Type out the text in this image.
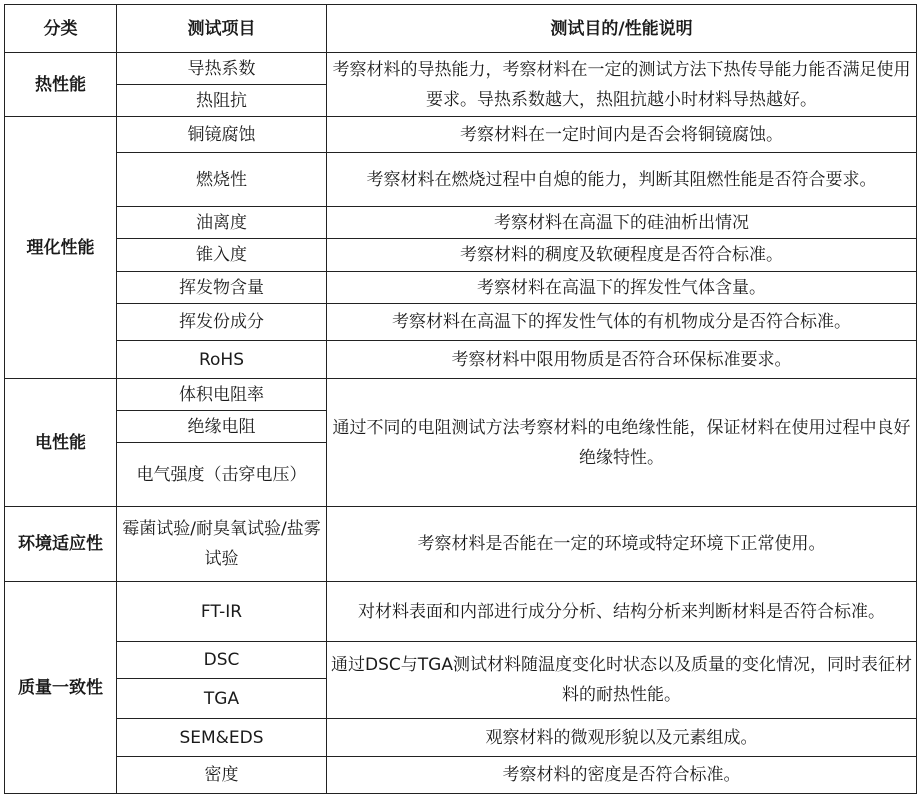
分类	测试项目	测试目的/性能说明
热性能	导热系数	考察材料的导热能力，考察材料在一定的测试方法下热传导能力能否满足使用要求。导热系数越大，热阻抗越小时材料导热越好。
	热阻抗	
理化性能	铜镜腐蚀	考察材料在一定时间内是否会将铜镜腐蚀。
	燃烧性	考察材料在燃烧过程中自熄的能力，判断其阻燃性能是否符合要求。
	油离度	考察材料在高温下的硅油析出情况
	锥入度	考察材料的稠度及软硬程度是否符合标准。
	挥发物含量	考察材料在高温下的挥发性气体含量。
	挥发份成分	考察材料在高温下的挥发性气体的有机物成分是否符合标准。
	RoHS	考察材料中限用物质是否符合环保标准要求。
电性能	体积电阻率	通过不同的电阻测试方法考察材料的电绝缘性能，保证材料在使用过程中良好绝缘特性。
	绝缘电阻	
	电气强度（击穿电压）	
环境适应性	霉菌试验/耐臭氧试验/盐雾试验	考察材料是否能在一定的环境或特定环境下正常使用。
质量一致性	FT-IR	对材料表面和内部进行成分分析、结构分析来判断材料是否符合标准。
	DSC	通过DSC与TGA测试材料随温度变化时状态以及质量的变化情况，同时表征材料的耐热性能。
	TGA	
	SEM&EDS	观察材料的微观形貌以及元素组成。
	密度	考察材料的密度是否符合标准。
